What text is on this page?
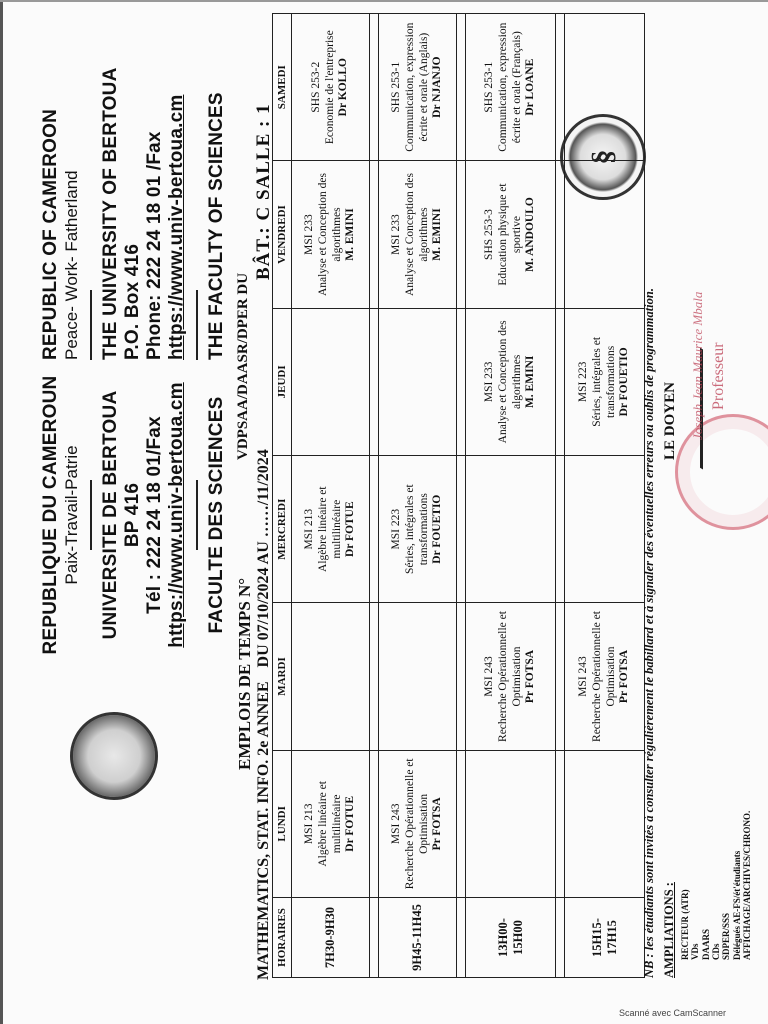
REPUBLIQUE DU CAMEROUN Paix-Travail-Patrie UNIVERSITE DE BERTOUA BP 416 Tél : 222 24 18 01/Fax https://www.univ-bertoua.cm FACULTE DES SCIENCES
REPUBLIC OF CAMEROON Peace- Work- Fatherland THE UNIVERSITY OF BERTOUA P.O. Box 416 Phone: 222 24 18 01 /Fax https://www.univ-bertoua.cm THE FACULTY OF SCIENCES	§
EMPLOIS DE TEMPS N°
VDPSAA/DAASR/DPER DU
MATHEMATICS, STAT. INFO. 2e ANNEE DU 07/10/2024 AU ……/11/2024
BÂT.: C SALLE : 1
HORAIRES	LUNDI	MARDI	MERCREDI	JEUDI	VENDREDI	SAMEDI
7H30-9H30	MSI 213 Algèbre linéaire et multilinéaire Dr FOTUE		MSI 213 Algèbre linéaire et multilinéaire Dr FOTUE		MSI 233 Analyse et Conception des algorithmes M. EMINI	SHS 253-2 Economie de l'entreprise Dr KOLLO

9H45-11H45	MSI 243 Recherche Opérationnelle et Optimisation Pr FOTSA		MSI 223 Séries, intégrales et transformations Dr FOUETIO		MSI 233 Analyse et Conception des algorithmes M. EMINI	SHS 253-1 Communication, expression écrite et orale (Anglais) Dr NJANJO

13H00-15H00		MSI 243 Recherche Opérationnelle et Optimisation Pr FOTSA		MSI 233 Analyse et Conception des algorithmes M. EMINI	SHS 253-3 Education physique et sportive M. ANDOULO	SHS 253-1 Communication, expression écrite et orale (Français) Dr LOANE

15H15-17H15		MSI 243 Recherche Opérationnelle et Optimisation Pr FOTSA		MSI 223 Séries, intégrales et transformations Dr FOUETIO		

	NB : les étudiants sont invités à consulter régulièrement le babillard et à signaler des éventuelles erreurs ou oublis de programmation. AMPLIATIONS : RECTEUR (ATR) VDs DAARS CDs SDPER/SSS Délégués AE-FS/ét'étudiants AFFICHAGE/ARCHIVES/CHRONO.
LE DOYEN Joseph Jean Maurice Mbala Professeur
Scanné avec CamScanner
